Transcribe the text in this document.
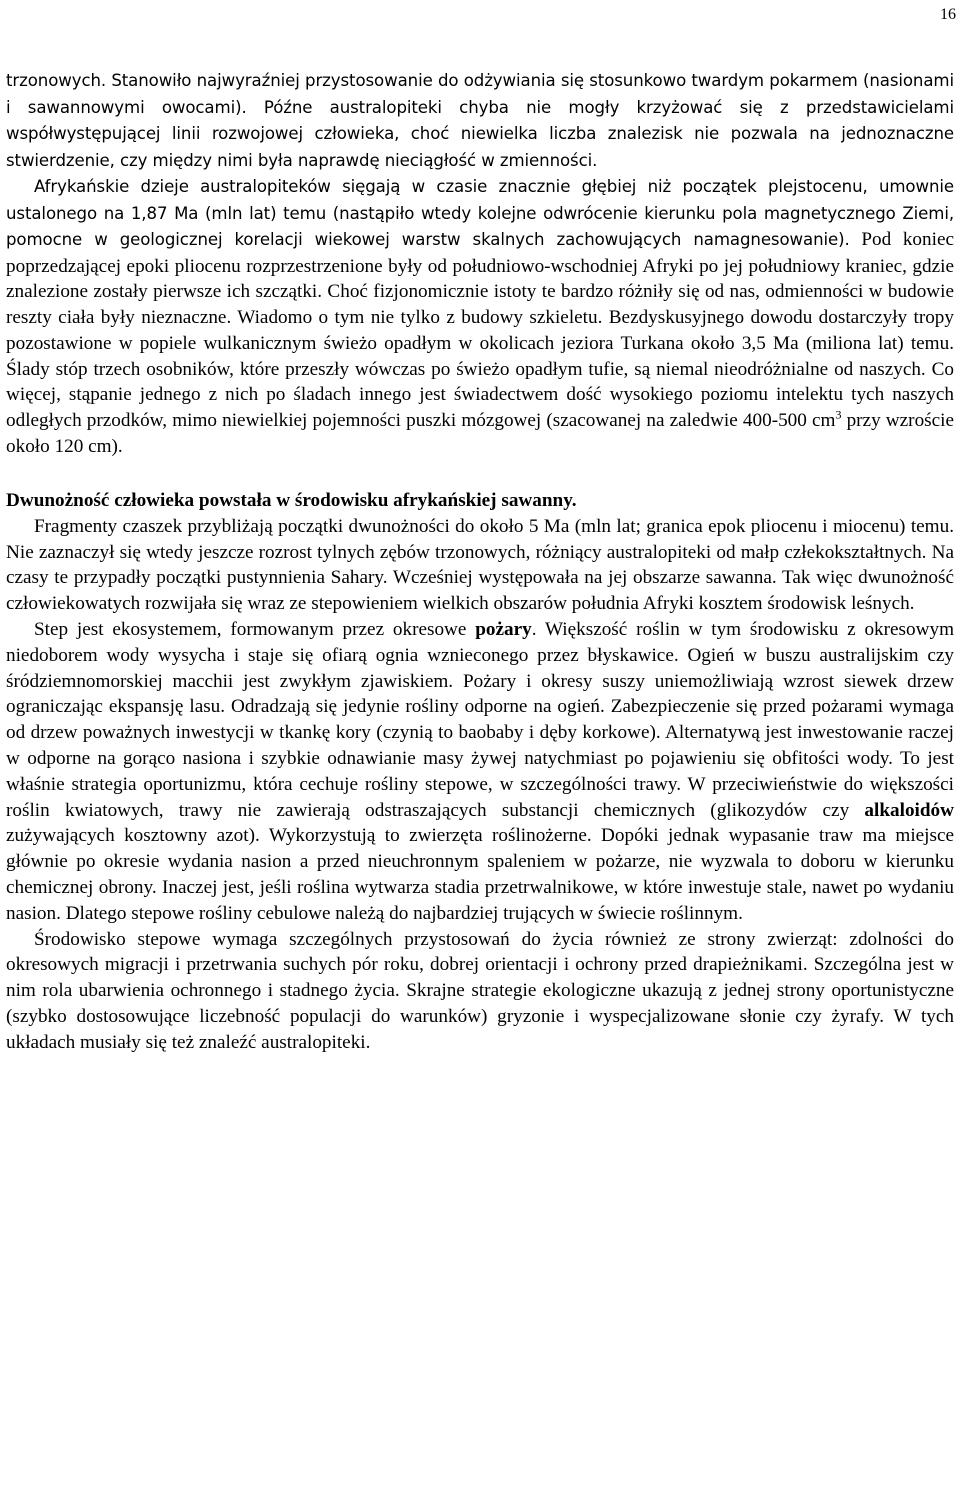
16

trzonowych. Stanowiło najwyraźniej przystosowanie do odżywiania się stosunkowo twardym pokarmem (nasionami i sawannowymi owocami). Późne australopiteki chyba nie mogły krzyżować się z przedstawicielami współwystępującej linii rozwojowej człowieka, choć niewielka liczba znalezisk nie pozwala na jednoznaczne stwierdzenie, czy między nimi była naprawdę nieciągłość w zmienności.

Afrykańskie dzieje australopiteków sięgają w czasie znacznie głębiej niż początek plejstocenu, umownie ustalonego na 1,87 Ma (mln lat) temu (nastąpiło wtedy kolejne odwrócenie kierunku pola magnetycznego Ziemi, pomocne w geologicznej korelacji wiekowej warstw skalnych zachowujących namagnesowanie). Pod koniec poprzedzającej epoki pliocenu rozprzestrzenione były od południowo-wschodniej Afryki po jej południowy kraniec, gdzie znalezione zostały pierwsze ich szczątki. Choć fizjonomicznie istoty te bardzo różniły się od nas, odmienności w budowie reszty ciała były nieznaczne. Wiadomo o tym nie tylko z budowy szkieletu. Bezdyskusyjnego dowodu dostarczyły tropy pozostawione w popiele wulkanicznym świeżo opadłym w okolicach jeziora Turkana około 3,5 Ma (miliona lat) temu. Ślady stóp trzech osobników, które przeszły wówczas po świeżo opadłym tufie, są niemal nieodróżnialne od naszych. Co więcej, stąpanie jednego z nich po śladach innego jest świadectwem dość wysokiego poziomu intelektu tych naszych odległych przodków, mimo niewielkiej pojemności puszki mózgowej (szacowanej na zaledwie 400-500 $cm^3$ przy wzroście około 120 cm).

Dwunożność człowieka powstała w środowisku afrykańskiej sawanny.

Fragmenty czaszek przybliżają początki dwunożności do około 5 Ma (mln lat; granica epok pliocenu i miocenu) temu. Nie zaznaczył się wtedy jeszcze rozrost tylnych zębów trzonowych, różniący australopiteki od małp człekokształtnych. Na czasy te przypadły początki pustynnienia Sahary. Wcześniej występowała na jej obszarze sawanna. Tak więc dwunożność człowiekowatych rozwijała się wraz ze stepowieniem wielkich obszarów południa Afryki kosztem środowisk leśnych.

Step jest ekosystemem, formowanym przez okresowe pożary. Większość roślin w tym środowisku z okresowym niedoborem wody wysycha i staje się ofiarą ognia wznieconego przez błyskawice. Ogień w buszu australijskim czy śródziemnomorskiej macchii jest zwykłym zjawiskiem. Pożary i okresy suszy uniemożliwiają wzrost siewek drzew ograniczając ekspansję lasu. Odradzają się jedynie rośliny odporne na ogień. Zabezpieczenie się przed pożarami wymaga od drzew poważnych inwestycji w tkankę kory (czynią to baobaby i dęby korkowe). Alternatywą jest inwestowanie raczej w odporne na gorąco nasiona i szybkie odnawianie masy żywej natychmiast po pojawieniu się obfitości wody. To jest właśnie strategia oportunizmu, która cechuje rośliny stepowe, w szczególności trawy. W przeciwieństwie do większości roślin kwiatowych, trawy nie zawierają odstraszających substancji chemicznych (glikozydów czy alkaloidów zużywających kosztowny azot). Wykorzystują to zwierzęta roślinożerne. Dopóki jednak wypasanie traw ma miejsce głównie po okresie wydania nasion a przed nieuchronnym spaleniem w pożarze, nie wyzwala to doboru w kierunku chemicznej obrony. Inaczej jest, jeśli roślina wytwarza stadia przetrwalnikowe, w które inwestuje stale, nawet po wydaniu nasion. Dlatego stepowe rośliny cebulowe należą do najbardziej trujących w świecie roślinnym.

Środowisko stepowe wymaga szczególnych przystosowań do życia również ze strony zwierząt: zdolności do okresowych migracji i przetrwania suchych pór roku, dobrej orientacji i ochrony przed drapieżnikami. Szczególna jest w nim rola ubarwienia ochronnego i stadnego życia. Skrajne strategie ekologiczne ukazują z jednej strony oportunistyczne (szybko dostosowujące liczebność populacji do warunków) gryzonie i wyspecjalizowane słonie czy żyrafy. W tych układach musiały się też znaleźć australopiteki.
